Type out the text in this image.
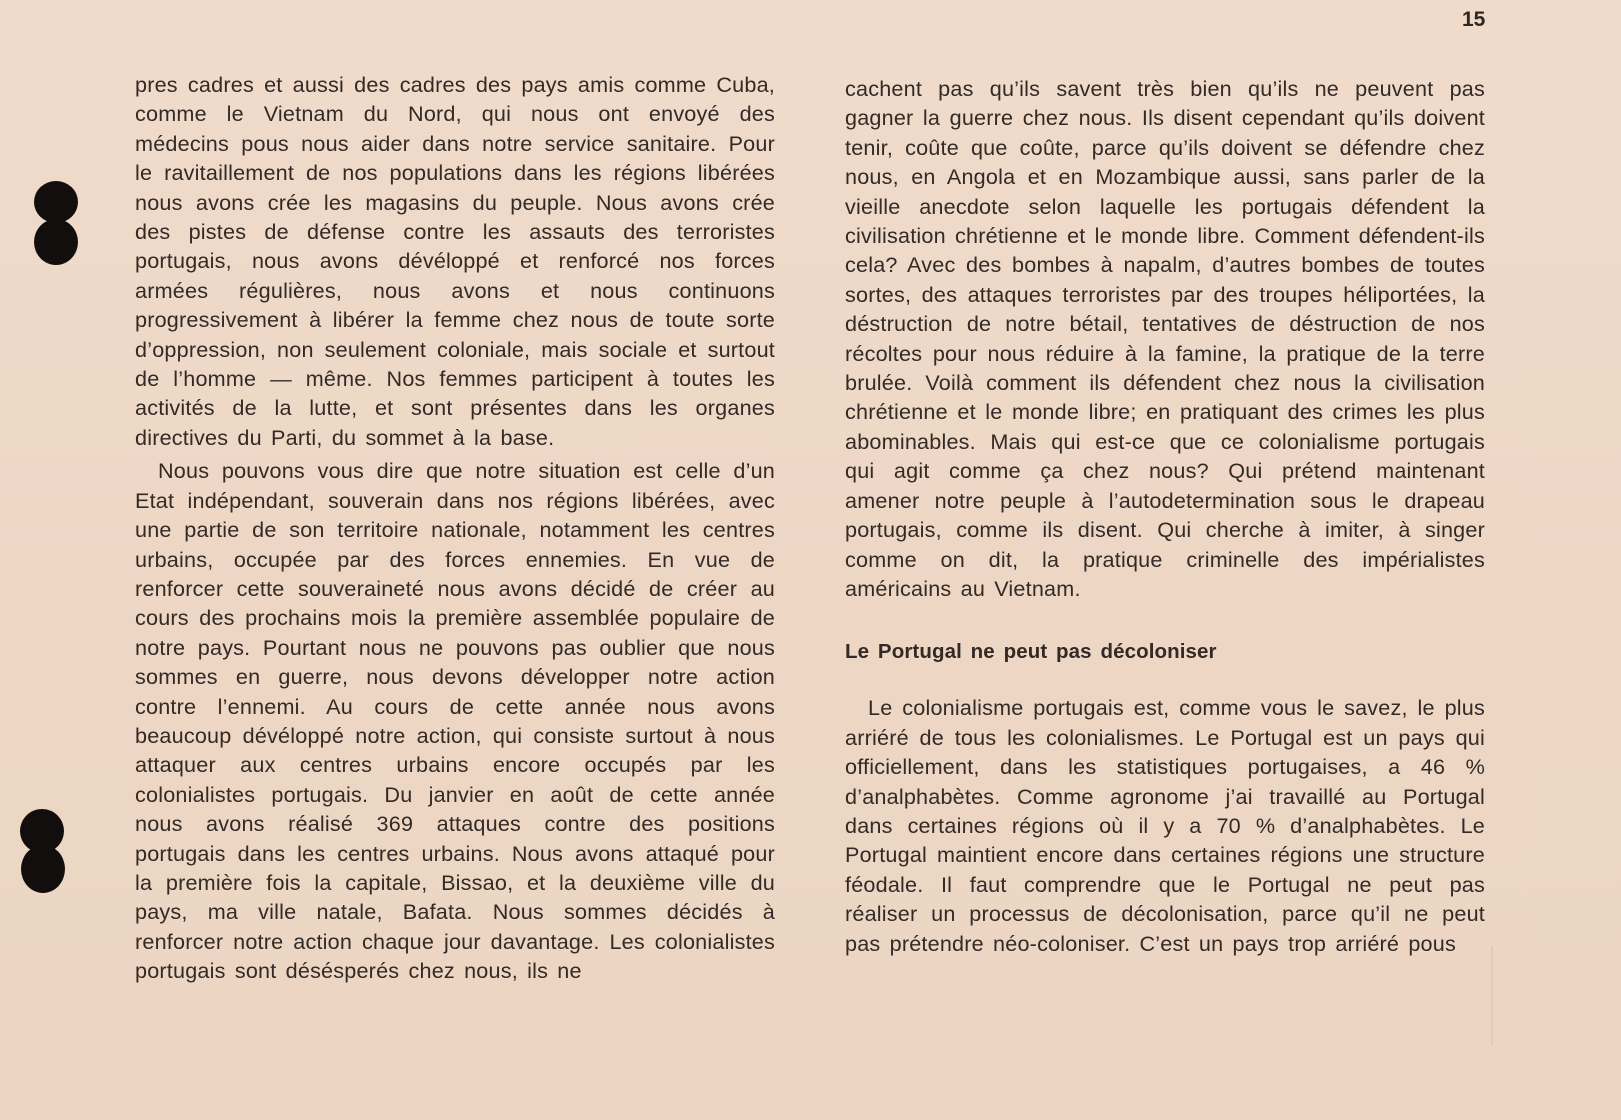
15

pres cadres et aussi des cadres des pays amis comme Cuba, comme le Vietnam du Nord, qui nous ont envoyé des médecins pous nous aider dans notre service sanitaire. Pour le ravitaillement de nos populations dans les régions libérées nous avons crée les magasins du peuple. Nous avons crée des pistes de défense contre les assauts des terroristes portugais, nous avons dévéloppé et renforcé nos forces armées régulières, nous avons et nous continuons progressivement à libérer la femme chez nous de toute sorte d’oppression, non seulement coloniale, mais sociale et surtout de l’homme — même. Nos femmes participent à toutes les activités de la lutte, et sont présentes dans les organes directives du Parti, du sommet à la base.

Nous pouvons vous dire que notre situation est celle d’un Etat indépendant, souverain dans nos régions libérées, avec une partie de son territoire nationale, notamment les centres urbains, occupée par des forces ennemies. En vue de renforcer cette souveraineté nous avons décidé de créer au cours des prochains mois la première assemblée populaire de notre pays. Pourtant nous ne pouvons pas oublier que nous sommes en guerre, nous devons développer notre action contre l’ennemi. Au cours de cette année nous avons beaucoup dévéloppé notre action, qui consiste surtout à nous attaquer aux centres urbains encore occupés par les colonialistes portugais. Du janvier en août de cette année nous avons réalisé 369 attaques contre des positions portugais dans les centres urbains. Nous avons attaqué pour la première fois la capitale, Bissao, et la deuxième ville du pays, ma ville natale, Bafata. Nous sommes décidés à renforcer notre action chaque jour davantage. Les colonialistes portugais sont désésperés chez nous, ils ne

cachent pas qu’ils savent très bien qu’ils ne peuvent pas gagner la guerre chez nous. Ils disent cependant qu’ils doivent tenir, coûte que coûte, parce qu’ils doivent se défendre chez nous, en Angola et en Mozambique aussi, sans parler de la vieille anecdote selon laquelle les portugais défendent la civilisation chrétienne et le monde libre. Comment défendent-ils cela? Avec des bombes à napalm, d’autres bombes de toutes sortes, des attaques terroristes par des troupes héliportées, la déstruction de notre bétail, tentatives de déstruction de nos récoltes pour nous réduire à la famine, la pratique de la terre brulée. Voilà comment ils défendent chez nous la civilisation chrétienne et le monde libre; en pratiquant des crimes les plus abominables. Mais qui est-ce que ce colonialisme portugais qui agit comme ça chez nous? Qui prétend maintenant amener notre peuple à l’autodetermination sous le drapeau portugais, comme ils disent. Qui cherche à imiter, à singer comme on dit, la pratique criminelle des impérialistes américains au Vietnam.

Le Portugal ne peut pas décoloniser

Le colonialisme portugais est, comme vous le savez, le plus arriéré de tous les colonialismes. Le Portugal est un pays qui officiellement, dans les statistiques portugaises, a 46 % d’analphabètes. Comme agronome j’ai travaillé au Portugal dans certaines régions où il y a 70 % d’analphabètes. Le Portugal maintient encore dans certaines régions une structure féodale. Il faut comprendre que le Portugal ne peut pas réaliser un processus de décolonisation, parce qu’il ne peut pas prétendre néo-coloniser. C’est un pays trop arriéré pous
